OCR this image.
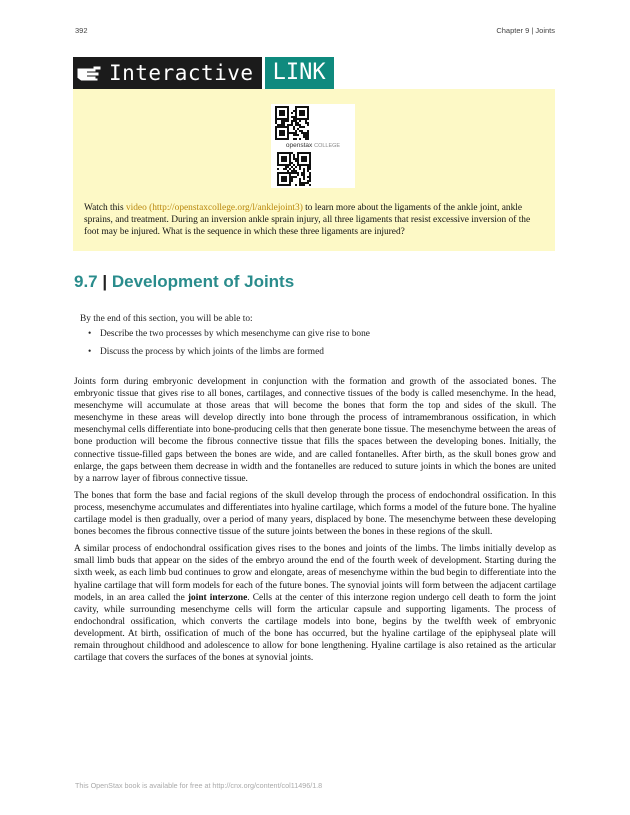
392	Chapter 9 | Joints
Interactive LINK
openstax COLLEGE

Watch this video (http://openstaxcollege.org/l/anklejoint3) to learn more about the ligaments of the ankle joint, ankle sprains, and treatment. During an inversion ankle sprain injury, all three ligaments that resist excessive inversion of the foot may be injured. What is the sequence in which these three ligaments are injured?

9.7 | Development of Joints

By the end of this section, you will be able to:

• Describe the two processes by which mesenchyme can give rise to bone
• Discuss the process by which joints of the limbs are formed

Joints form during embryonic development in conjunction with the formation and growth of the associated bones. The embryonic tissue that gives rise to all bones, cartilages, and connective tissues of the body is called mesenchyme. In the head, mesenchyme will accumulate at those areas that will become the bones that form the top and sides of the skull. The mesenchyme in these areas will develop directly into bone through the process of intramembranous ossification, in which mesenchymal cells differentiate into bone-producing cells that then generate bone tissue. The mesenchyme between the areas of bone production will become the fibrous connective tissue that fills the spaces between the developing bones. Initially, the connective tissue-filled gaps between the bones are wide, and are called fontanelles. After birth, as the skull bones grow and enlarge, the gaps between them decrease in width and the fontanelles are reduced to suture joints in which the bones are united by a narrow layer of fibrous connective tissue.

The bones that form the base and facial regions of the skull develop through the process of endochondral ossification. In this process, mesenchyme accumulates and differentiates into hyaline cartilage, which forms a model of the future bone. The hyaline cartilage model is then gradually, over a period of many years, displaced by bone. The mesenchyme between these developing bones becomes the fibrous connective tissue of the suture joints between the bones in these regions of the skull.

A similar process of endochondral ossification gives rises to the bones and joints of the limbs. The limbs initially develop as small limb buds that appear on the sides of the embryo around the end of the fourth week of development. Starting during the sixth week, as each limb bud continues to grow and elongate, areas of mesenchyme within the bud begin to differentiate into the hyaline cartilage that will form models for each of the future bones. The synovial joints will form between the adjacent cartilage models, in an area called the joint interzone. Cells at the center of this interzone region undergo cell death to form the joint cavity, while surrounding mesenchyme cells will form the articular capsule and supporting ligaments. The process of endochondral ossification, which converts the cartilage models into bone, begins by the twelfth week of embryonic development. At birth, ossification of much of the bone has occurred, but the hyaline cartilage of the epiphyseal plate will remain throughout childhood and adolescence to allow for bone lengthening. Hyaline cartilage is also retained as the articular cartilage that covers the surfaces of the bones at synovial joints.

This OpenStax book is available for free at http://cnx.org/content/col11496/1.8
